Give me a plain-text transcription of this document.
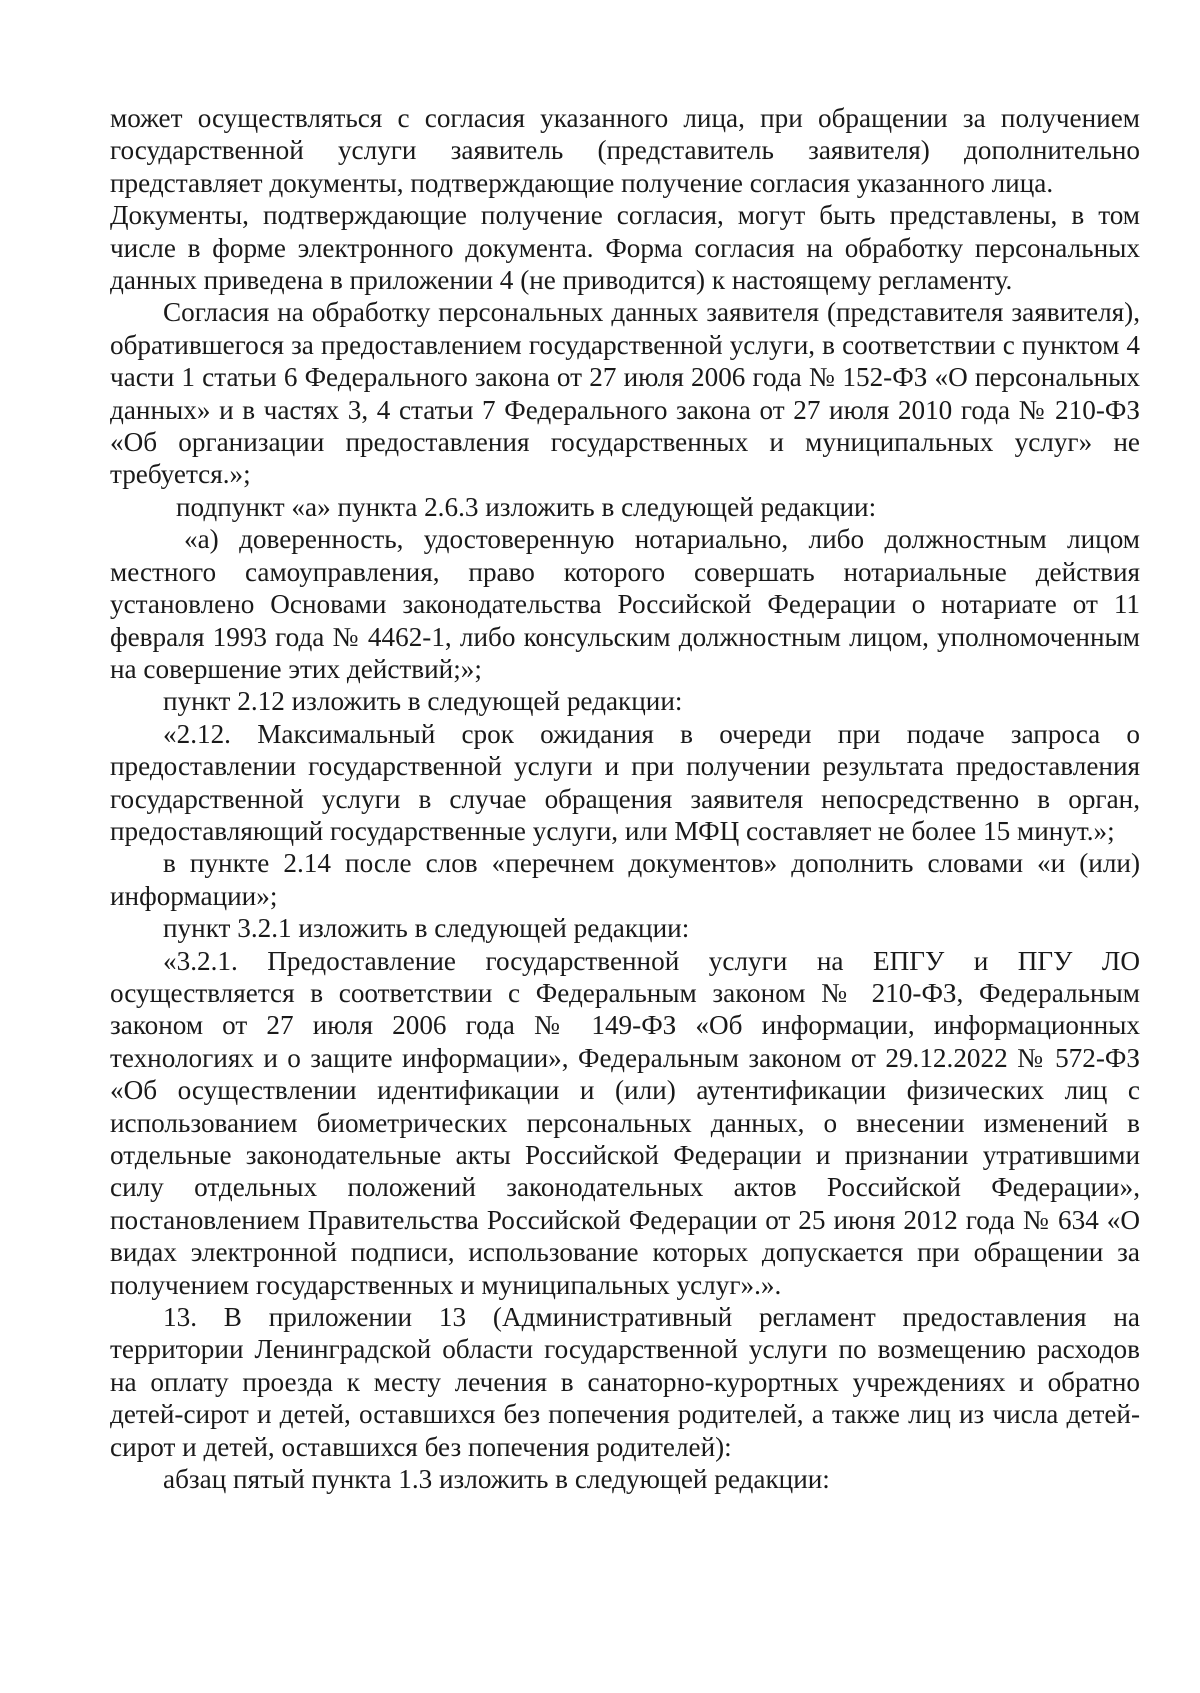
может осуществляться с согласия указанного лица, при обращении за получением государственной услуги заявитель (представитель заявителя) дополнительно представляет документы, подтверждающие получение согласия указанного лица.

Документы, подтверждающие получение согласия, могут быть представлены, в том числе в форме электронного документа. Форма согласия на обработку персональных данных приведена в приложении 4 (не приводится) к настоящему регламенту.

Согласия на обработку персональных данных заявителя (представителя заявителя), обратившегося за предоставлением государственной услуги, в соответствии с пунктом 4 части 1 статьи 6 Федерального закона от 27 июля 2006 года № 152-ФЗ «О персональных данных» и в частях 3, 4 статьи 7 Федерального закона от 27 июля 2010 года № 210-ФЗ «Об организации предоставления государственных и муниципальных услуг» не требуется.»;

подпункт «а» пункта 2.6.3 изложить в следующей редакции:

«а) доверенность, удостоверенную нотариально, либо должностным лицом местного самоуправления, право которого совершать нотариальные действия установлено Основами законодательства Российской Федерации о нотариате от 11 февраля 1993 года № 4462-1, либо консульским должностным лицом, уполномоченным на совершение этих действий;»;

пункт 2.12 изложить в следующей редакции:

«2.12. Максимальный срок ожидания в очереди при подаче запроса о предоставлении государственной услуги и при получении результата предоставления государственной услуги в случае обращения заявителя непосредственно в орган, предоставляющий государственные услуги, или МФЦ составляет не более 15 минут.»;

в пункте 2.14 после слов «перечнем документов» дополнить словами «и (или) информации»;

пункт 3.2.1 изложить в следующей редакции:

«3.2.1. Предоставление государственной услуги на ЕПГУ и ПГУ ЛО осуществляется в соответствии с Федеральным законом № 210-ФЗ, Федеральным законом от 27 июля 2006 года № 149-ФЗ «Об информации, информационных технологиях и о защите информации», Федеральным законом от 29.12.2022 № 572-ФЗ «Об осуществлении идентификации и (или) аутентификации физических лиц с использованием биометрических персональных данных, о внесении изменений в отдельные законодательные акты Российской Федерации и признании утратившими силу отдельных положений законодательных актов Российской Федерации», постановлением Правительства Российской Федерации от 25 июня 2012 года № 634 «О видах электронной подписи, использование которых допускается при обращении за получением государственных и муниципальных услуг».».

13. В приложении 13 (Административный регламент предоставления на территории Ленинградской области государственной услуги по возмещению расходов на оплату проезда к месту лечения в санаторно-курортных учреждениях и обратно детей-сирот и детей, оставшихся без попечения родителей, а также лиц из числа детей-сирот и детей, оставшихся без попечения родителей):

абзац пятый пункта 1.3 изложить в следующей редакции:
